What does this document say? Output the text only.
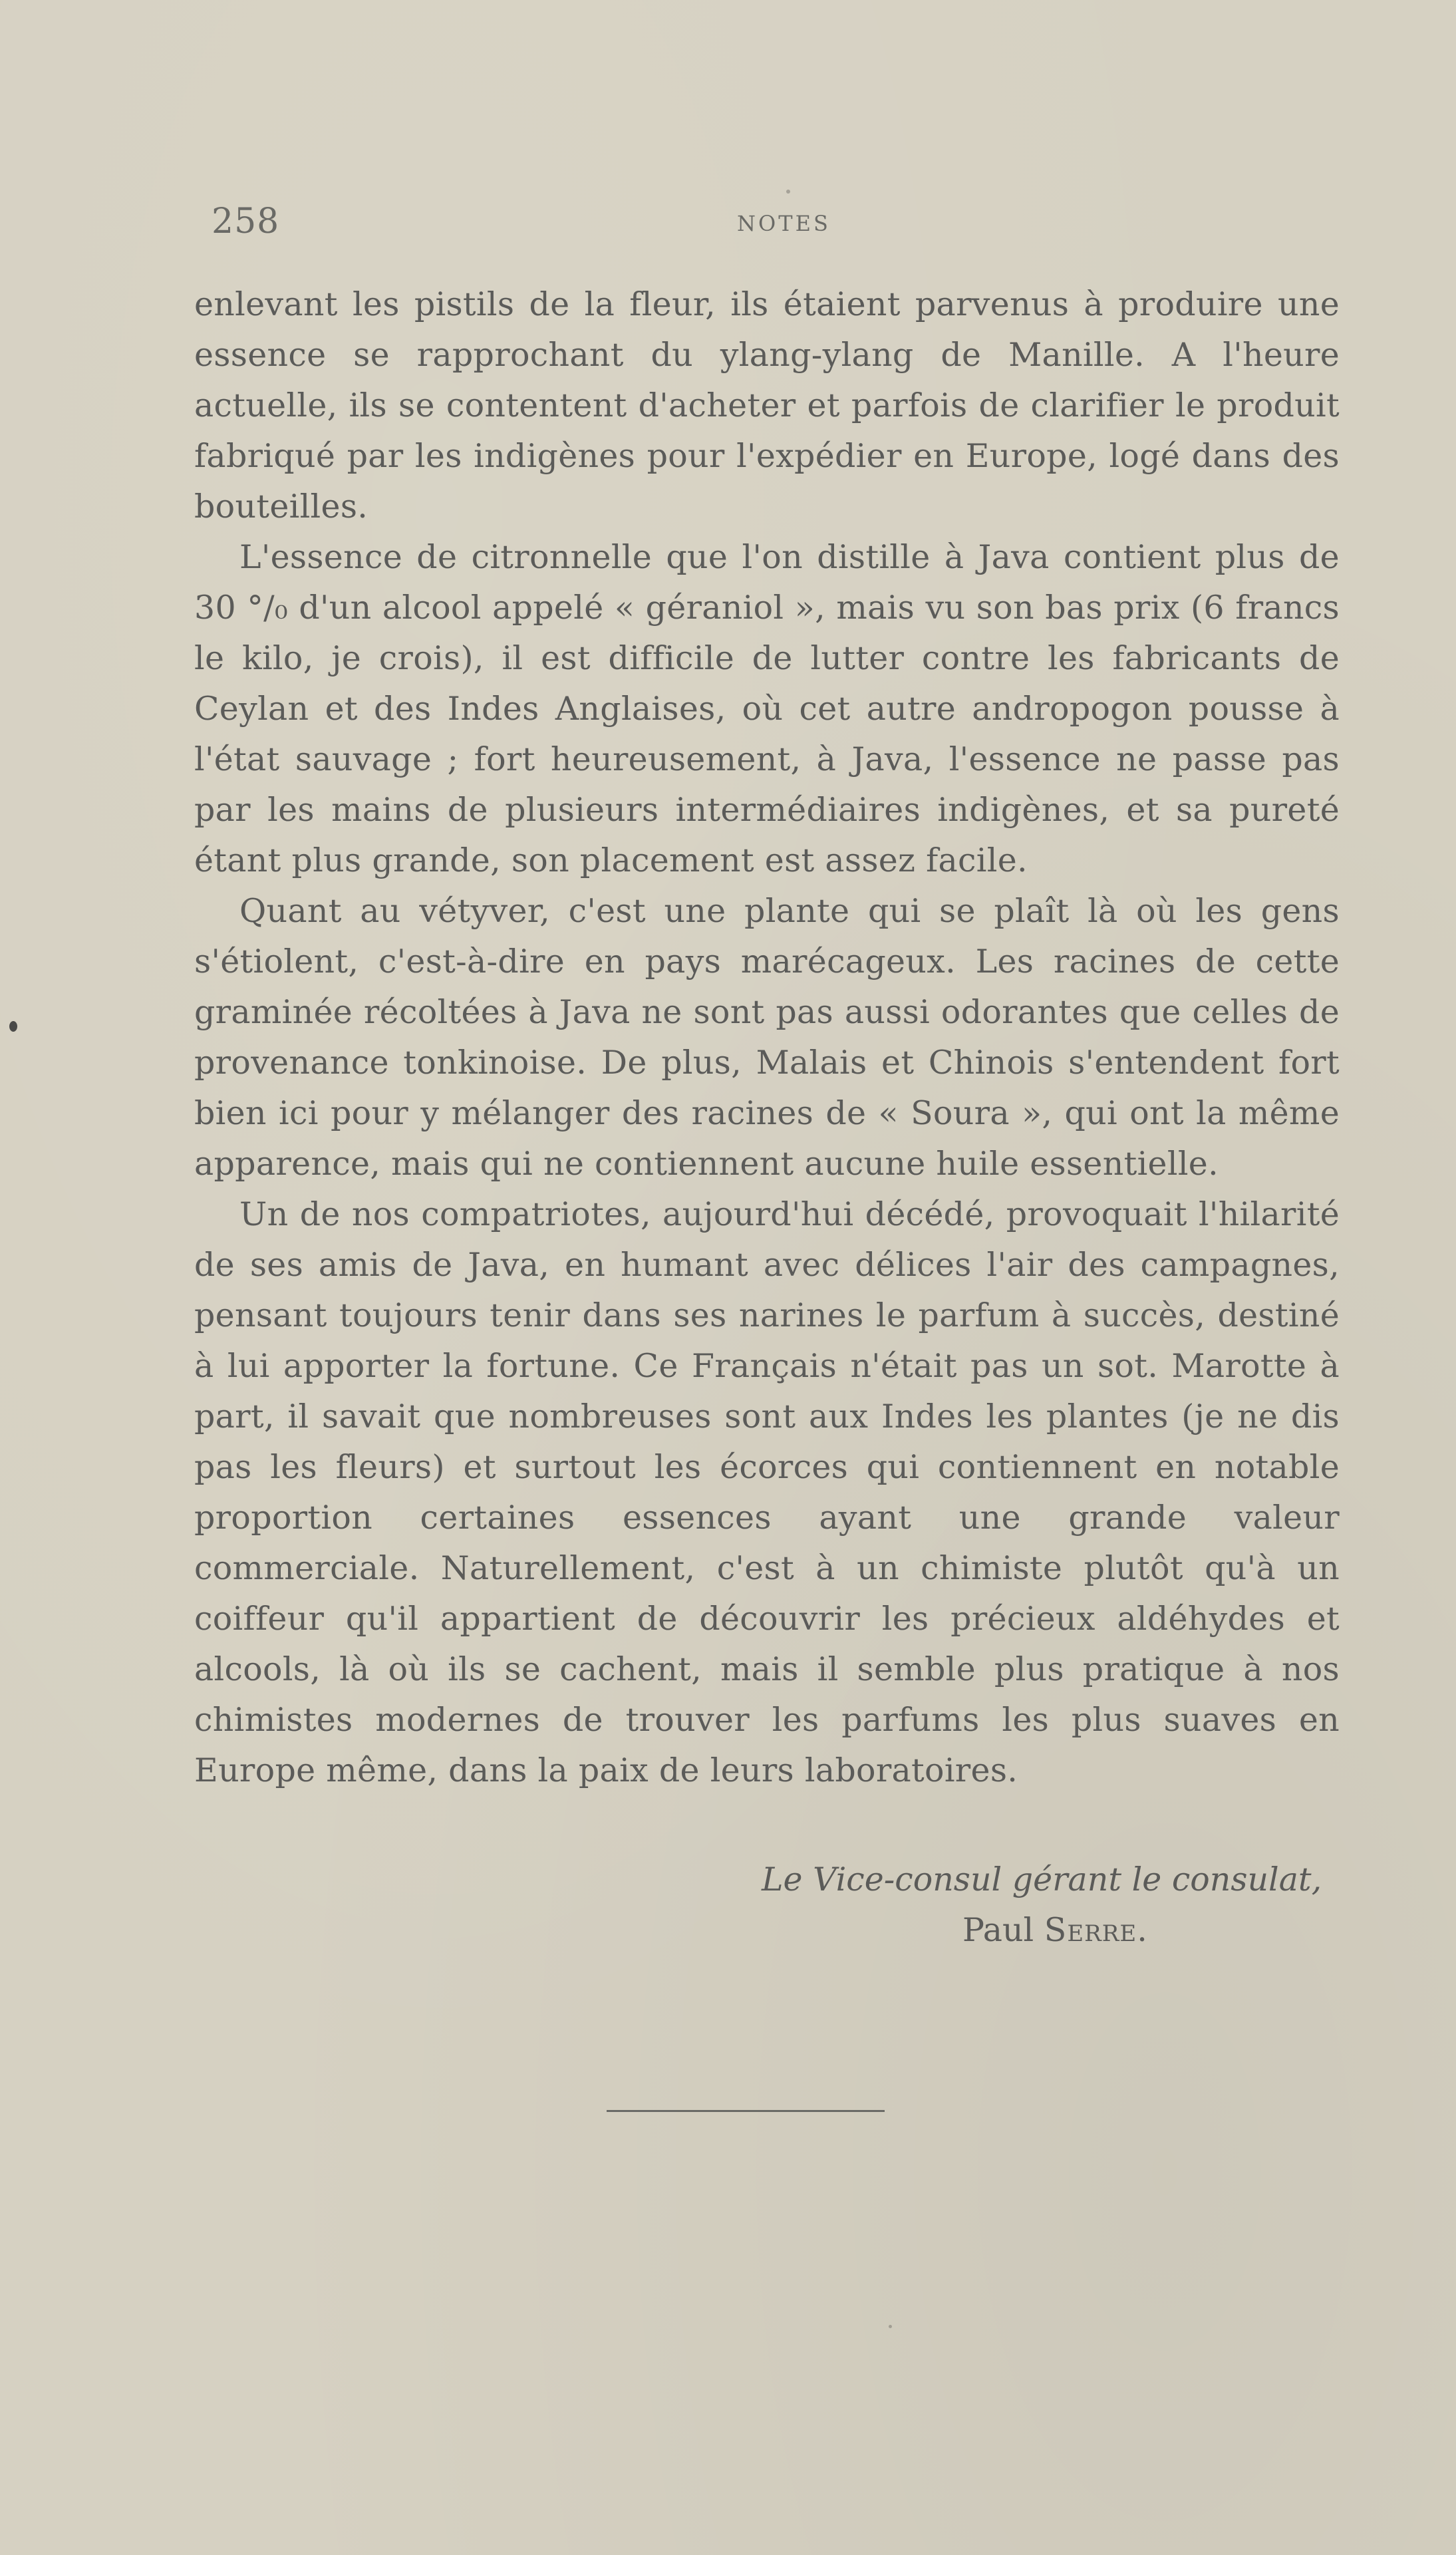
258	NOTES

enlevant les pistils de la fleur, ils étaient parvenus à produire une essence se rapprochant du ylang-ylang de Manille. A l'heure actuelle, ils se contentent d'acheter et parfois de clarifier le produit fabriqué par les indigènes pour l'expédier en Europe, logé dans des bouteilles.

L'essence de citronnelle que l'on distille à Java contient plus de 30 °/₀ d'un alcool appelé « géraniol », mais vu son bas prix (6 francs le kilo, je crois), il est difficile de lutter contre les fabricants de Ceylan et des Indes Anglaises, où cet autre andropogon pousse à l'état sauvage ; fort heureusement, à Java, l'essence ne passe pas par les mains de plusieurs intermédiaires indigènes, et sa pureté étant plus grande, son placement est assez facile.

Quant au vétyver, c'est une plante qui se plaît là où les gens s'étiolent, c'est-à-dire en pays marécageux. Les racines de cette graminée récoltées à Java ne sont pas aussi odorantes que celles de provenance tonkinoise. De plus, Malais et Chinois s'entendent fort bien ici pour y mélanger des racines de « Soura », qui ont la même apparence, mais qui ne contiennent aucune huile essentielle.

Un de nos compatriotes, aujourd'hui décédé, provoquait l'hilarité de ses amis de Java, en humant avec délices l'air des campagnes, pensant toujours tenir dans ses narines le parfum à succès, destiné à lui apporter la fortune. Ce Français n'était pas un sot. Marotte à part, il savait que nombreuses sont aux Indes les plantes (je ne dis pas les fleurs) et surtout les écorces qui contiennent en notable proportion certaines essences ayant une grande valeur commerciale. Naturellement, c'est à un chimiste plutôt qu'à un coiffeur qu'il appartient de découvrir les précieux aldéhydes et alcools, là où ils se cachent, mais il semble plus pratique à nos chimistes modernes de trouver les parfums les plus suaves en Europe même, dans la paix de leurs laboratoires.

Le Vice-consul gérant le consulat,
Paul Serre.
